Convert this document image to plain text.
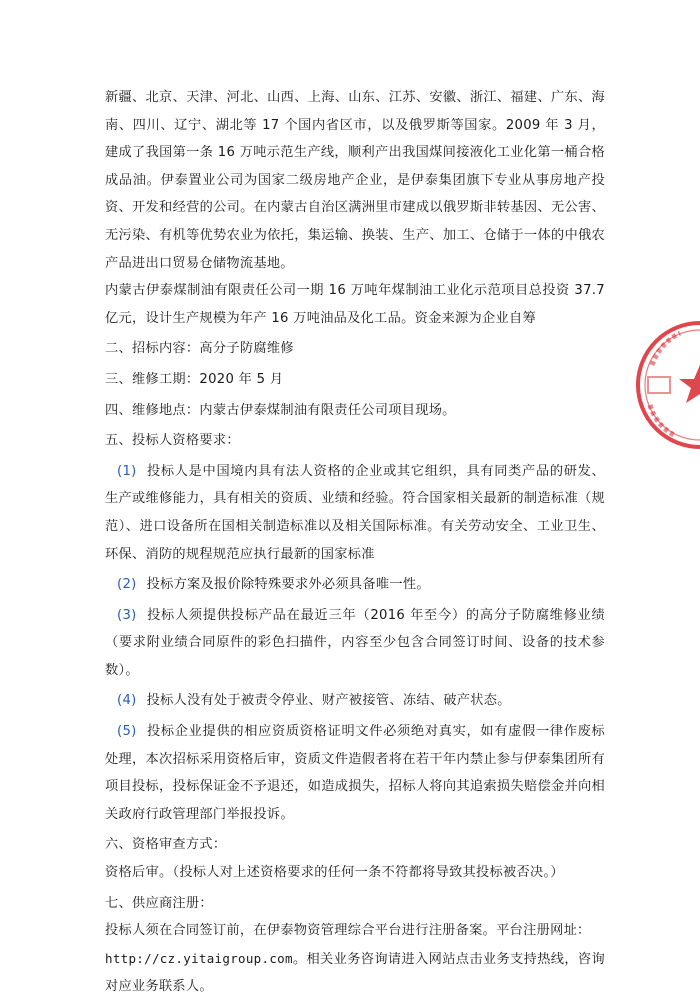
新疆、北京、天津、河北、山西、上海、山东、江苏、安徽、浙江、福建、广东、海南、四川、辽宁、湖北等 17 个国内省区市，以及俄罗斯等国家。2009 年 3 月，建成了我国第一条 16 万吨示范生产线，顺利产出我国煤间接液化工业化第一桶合格成品油。伊泰置业公司为国家二级房地产企业，是伊泰集团旗下专业从事房地产投资、开发和经营的公司。在内蒙古自治区满洲里市建成以俄罗斯非转基因、无公害、无污染、有机等优势农业为依托，集运输、换装、生产、加工、仓储于一体的中俄农产品进出口贸易仓储物流基地。

内蒙古伊泰煤制油有限责任公司一期 16 万吨年煤制油工业化示范项目总投资 37.7 亿元，设计生产规模为年产 16 万吨油品及化工品。资金来源为企业自筹

二、招标内容：高分子防腐维修

三、维修工期：2020 年 5 月

四、维修地点：内蒙古伊泰煤制油有限责任公司项目现场。

五、投标人资格要求：

(1) 投标人是中国境内具有法人资格的企业或其它组织，具有同类产品的研发、生产或维修能力，具有相关的资质、业绩和经验。符合国家相关最新的制造标准（规范）、进口设备所在国相关制造标准以及相关国际标准。有关劳动安全、工业卫生、环保、消防的规程规范应执行最新的国家标准

(2) 投标方案及报价除特殊要求外必须具备唯一性。

(3) 投标人须提供投标产品在最近三年（2016 年至今）的高分子防腐维修业绩（要求附业绩合同原件的彩色扫描件，内容至少包含合同签订时间、设备的技术参数）。

(4) 投标人没有处于被责令停业、财产被接管、冻结、破产状态。

(5) 投标企业提供的相应资质资格证明文件必须绝对真实，如有虚假一律作废标处理，本次招标采用资格后审，资质文件造假者将在若干年内禁止参与伊泰集团所有项目投标，投标保证金不予退还，如造成损失，招标人将向其追索损失赔偿金并向相关政府行政管理部门举报投诉。

六、资格审查方式：

资格后审。（投标人对上述资格要求的任何一条不符都将导致其投标被否决。）

七、供应商注册：

投标人须在合同签订前，在伊泰物资管理综合平台进行注册备案。平台注册网址：

http://cz.yitaigroup.com。相关业务咨询请进入网站点击业务支持热线，咨询对应业务联系人。
